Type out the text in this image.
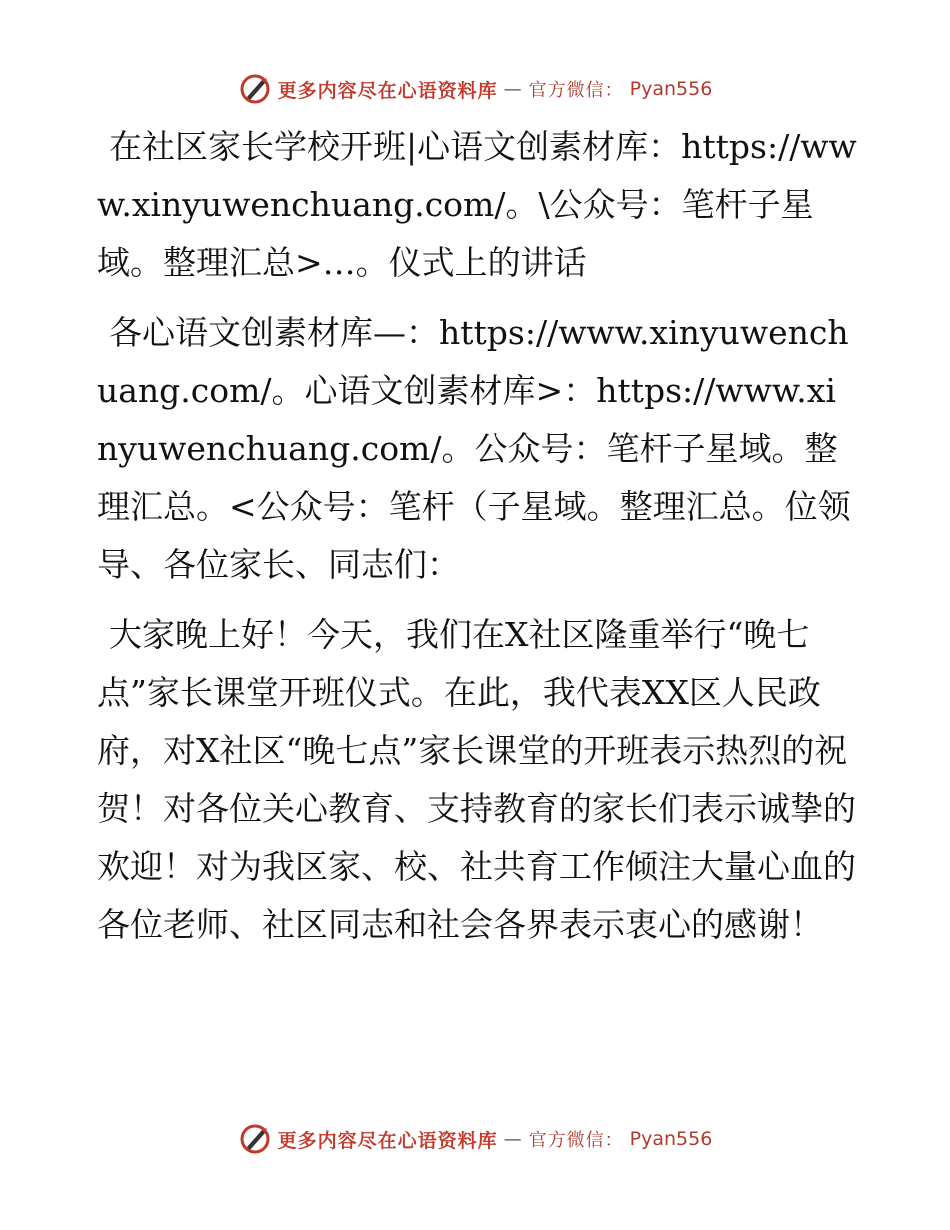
更多内容尽在心语资料库 — 官方微信： Pyan556

在社区家长学校开班|心语文创素材库：https://www.xinyuwenchuang.com/。\公众号：笔杆子星域。整理汇总>…。仪式上的讲话

各心语文创素材库—：https://www.xinyuwenchuang.com/。心语文创素材库>：https://www.xinyuwenchuang.com/。公众号：笔杆子星域。整理汇总。<公众号：笔杆（子星域。整理汇总。位领导、各位家长、同志们：

大家晚上好！今天，我们在X社区隆重举行“晚七点”家长课堂开班仪式。在此，我代表XX区人民政府，对X社区“晚七点”家长课堂的开班表示热烈的祝贺！对各位关心教育、支持教育的家长们表示诚挚的欢迎！对为我区家、校、社共育工作倾注大量心血的各位老师、社区同志和社会各界表示衷心的感谢！

更多内容尽在心语资料库 — 官方微信： Pyan556
